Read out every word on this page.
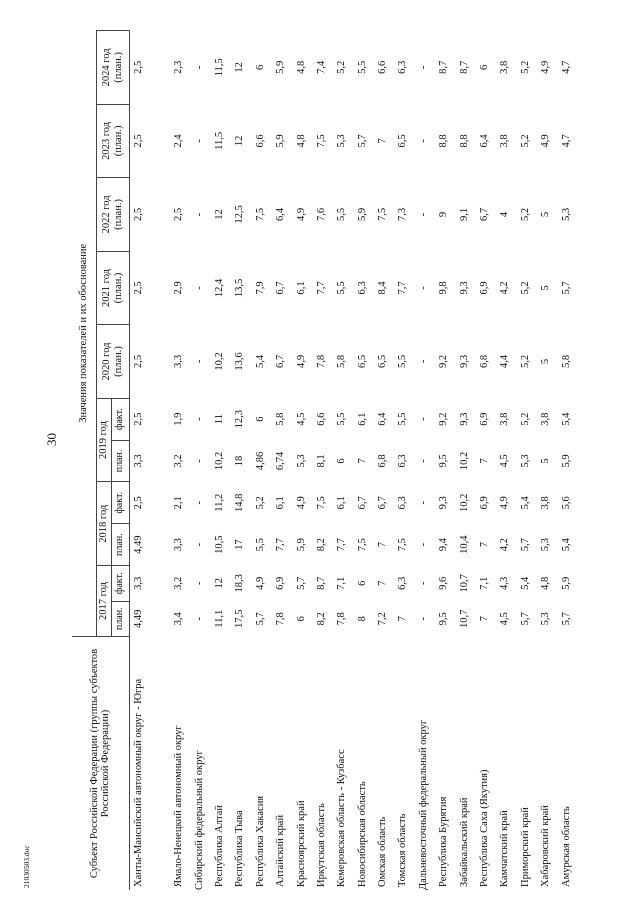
30
21030503.doc	Субъект Российской Федерации (группы субъектов Российской Федерации)	Значения показателей и их обоснование										
	2017 год		2018 год		2019 год		2020 год (план.)	2021 год (план.)	2022 год (план.)	2023 год (план.)	2024 год (план.)
	план.	факт.	план.	факт.	план.	факт.					
Ханты-Мансийский автономный округ - Югра	4,49	3,3	4,49	2,5	3,3	2,5	2,5	2,5	2,5	2,5	2,5
Ямало-Ненецкий автономный округ	3,4	3,2	3,3	2,1	3,2	1,9	3,3	2,9	2,5	2,4	2,3
Сибирский федеральный округ	-	-	-	-	-	-	-	-	-	-	-
Республика Алтай	11,1	12	10,5	11,2	10,2	11	10,2	12,4	12	11,5	11,5
Республика Тыва	17,5	18,3	17	14,8	18	12,3	13,6	13,5	12,5	12	12
Республика Хакасия	5,7	4,9	5,5	5,2	4,86	6	5,4	7,9	7,5	6,6	6
Алтайский край	7,8	6,9	7,7	6,1	6,74	5,8	6,7	6,7	6,4	5,9	5,9
Красноярский край	6	5,7	5,9	4,9	5,3	4,5	4,9	6,1	4,9	4,8	4,8
Иркутская область	8,2	8,7	8,2	7,5	8,1	6,6	7,8	7,7	7,6	7,5	7,4
Кемеровская область - Кузбасс	7,8	7,1	7,7	6,1	6	5,5	5,8	5,5	5,5	5,3	5,2
Новосибирская область	8	6	7,5	6,7	7	6,1	6,5	6,3	5,9	5,7	5,5
Омская область	7,2	7	7	6,7	6,8	6,4	6,5	8,4	7,5	7	6,6
Томская область	7	6,3	7,5	6,3	6,3	5,5	5,5	7,7	7,3	6,5	6,3
Дальневосточный федеральный округ	-	-	-	-	-	-	-	-	-	-	-
Республика Бурятия	9,5	9,6	9,4	9,3	9,5	9,2	9,2	9,8	9	8,8	8,7
Забайкальский край	10,7	10,7	10,4	10,2	10,2	9,3	9,3	9,3	9,1	8,8	8,7
Республика Саха (Якутия)	7	7,1	7	6,9	7	6,9	6,8	6,9	6,7	6,4	6
Камчатский край	4,5	4,3	4,2	4,9	4,5	3,8	4,4	4,2	4	3,8	3,8
Приморский край	5,7	5,4	5,7	5,4	5,3	5,2	5,2	5,2	5,2	5,2	5,2
Хабаровский край	5,3	4,8	5,3	3,8	5	3,8	5	5	5	4,9	4,9
Амурская область	5,7	5,9	5,4	5,6	5,9	5,4	5,8	5,7	5,3	4,7	4,7
